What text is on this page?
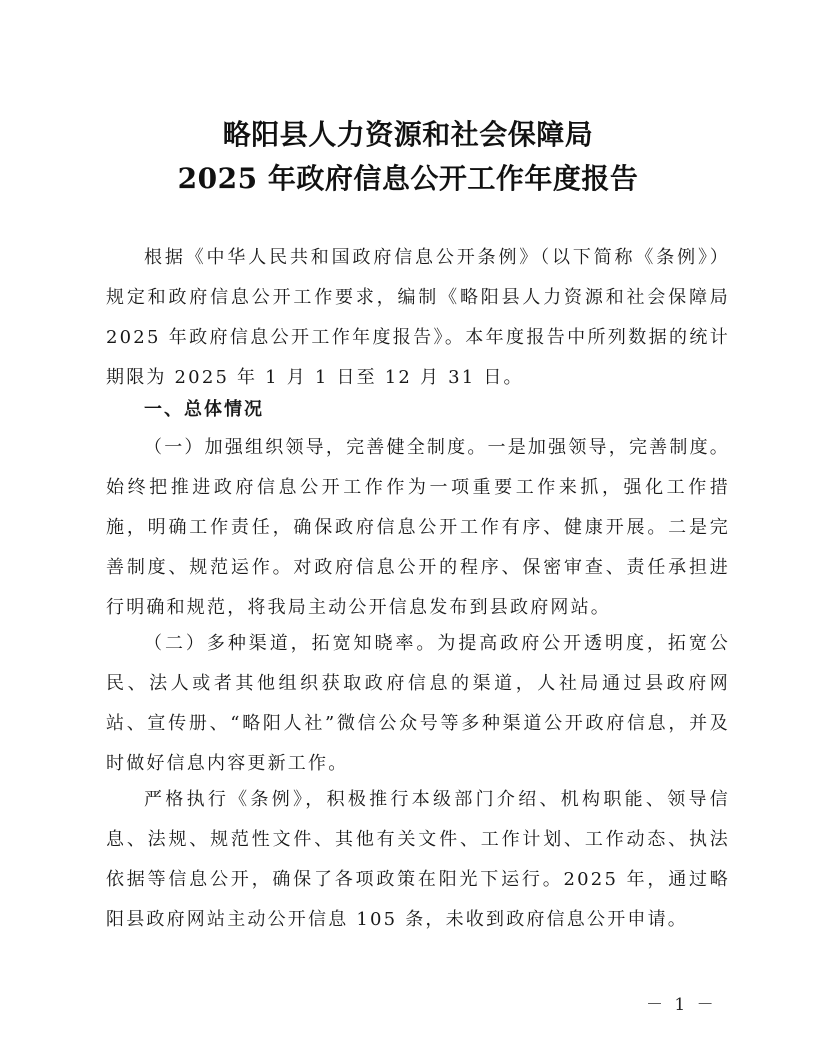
略阳县人力资源和社会保障局
2025 年政府信息公开工作年度报告

根据《中华人民共和国政府信息公开条例》（以下简称《条例》）规定和政府信息公开工作要求，编制《略阳县人力资源和社会保障局 2025 年政府信息公开工作年度报告》。本年度报告中所列数据的统计期限为 2025 年 1 月 1 日至 12 月 31 日。

一、总体情况

（一）加强组织领导，完善健全制度。一是加强领导，完善制度。始终把推进政府信息公开工作作为一项重要工作来抓，强化工作措施，明确工作责任，确保政府信息公开工作有序、健康开展。二是完善制度、规范运作。对政府信息公开的程序、保密审查、责任承担进行明确和规范，将我局主动公开信息发布到县政府网站。

（二）多种渠道，拓宽知晓率。为提高政府公开透明度，拓宽公民、法人或者其他组织获取政府信息的渠道，人社局通过县政府网站、宣传册、“略阳人社”微信公众号等多种渠道公开政府信息，并及时做好信息内容更新工作。

严格执行《条例》，积极推行本级部门介绍、机构职能、领导信息、法规、规范性文件、其他有关文件、工作计划、工作动态、执法依据等信息公开，确保了各项政策在阳光下运行。2025 年，通过略阳县政府网站主动公开信息 105 条，未收到政府信息公开申请。

－ 1 －
